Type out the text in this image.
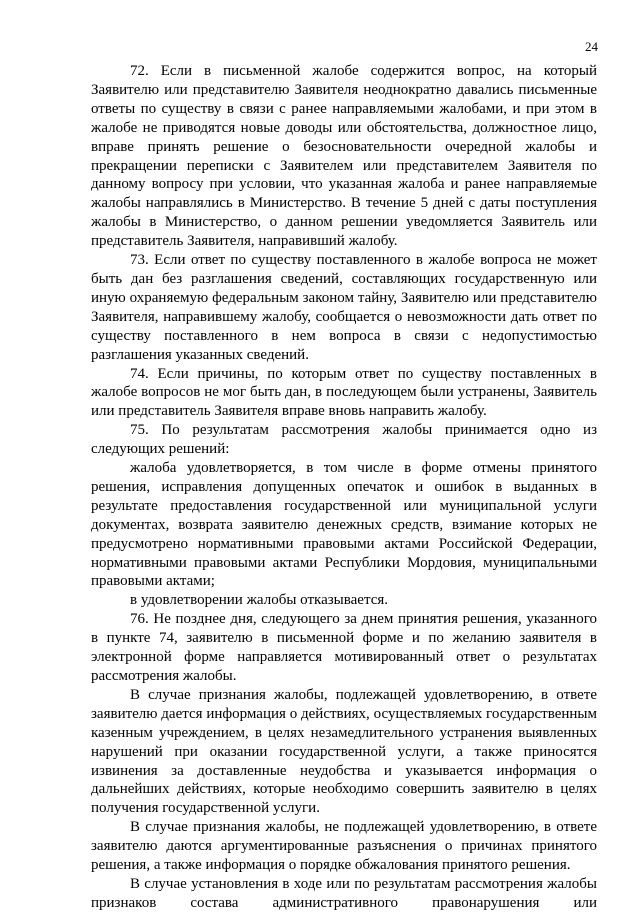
24

72. Если в письменной жалобе содержится вопрос, на который Заявителю или представителю Заявителя неоднократно давались письменные ответы по существу в связи с ранее направляемыми жалобами, и при этом в жалобе не приводятся новые доводы или обстоятельства, должностное лицо, вправе принять решение о безосновательности очередной жалобы и прекращении переписки с Заявителем или представителем Заявителя по данному вопросу при условии, что указанная жалоба и ранее направляемые жалобы направлялись в Министерство. В течение 5 дней с даты поступления жалобы в Министерство, о данном решении уведомляется Заявитель или представитель Заявителя, направивший жалобу.

73. Если ответ по существу поставленного в жалобе вопроса не может быть дан без разглашения сведений, составляющих государственную или иную охраняемую федеральным законом тайну, Заявителю или представителю Заявителя, направившему жалобу, сообщается о невозможности дать ответ по существу поставленного в нем вопроса в связи с недопустимостью разглашения указанных сведений.

74. Если причины, по которым ответ по существу поставленных в жалобе вопросов не мог быть дан, в последующем были устранены, Заявитель или представитель Заявителя вправе вновь направить жалобу.

75. По результатам рассмотрения жалобы принимается одно из следующих решений:

жалоба удовлетворяется, в том числе в форме отмены принятого решения, исправления допущенных опечаток и ошибок в выданных в результате предоставления государственной или муниципальной услуги документах, возврата заявителю денежных средств, взимание которых не предусмотрено нормативными правовыми актами Российской Федерации, нормативными правовыми актами Республики Мордовия, муниципальными правовыми актами;

в удовлетворении жалобы отказывается.

76. Не позднее дня, следующего за днем принятия решения, указанного в пункте 74, заявителю в письменной форме и по желанию заявителя в электронной форме направляется мотивированный ответ о результатах рассмотрения жалобы.

В случае признания жалобы, подлежащей удовлетворению, в ответе заявителю дается информация о действиях, осуществляемых государственным казенным учреждением, в целях незамедлительного устранения выявленных нарушений при оказании государственной услуги, а также приносятся извинения за доставленные неудобства и указывается информация о дальнейших действиях, которые необходимо совершить заявителю в целях получения государственной услуги.

В случае признания жалобы, не подлежащей удовлетворению, в ответе заявителю даются аргументированные разъяснения о причинах принятого решения, а также информация о порядке обжалования принятого решения.

В случае установления в ходе или по результатам рассмотрения жалобы признаков состава административного правонарушения или
